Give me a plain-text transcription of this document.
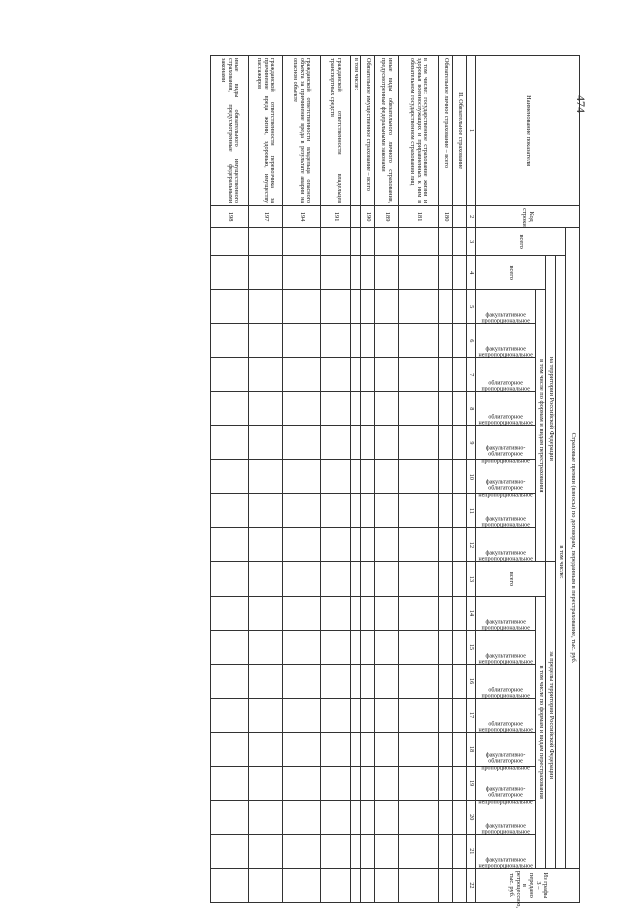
474
Наименование показателя	Код строки	Страховые премии (взносы) по договорам, переданным в перестрахование, тыс. руб.																			Из графы 3 – передано в ретроцессию, тыс. руб.
		всего	в том числе:																		
			на территории Российской Федерации									за пределы территории Российской Федерации									
			всего	в том числе по формам и видам перестрахования								всего	в том числе по формам и видам перестрахования								

				факультативное пропорциональное	факультативное непропорциональное	облигаторное пропорциональное	облигаторное непропорциональное	факультативно-облигаторное пропорциональное	факультативно-облигаторное непропорциональное	факультативное пропорциональное	факультативное непропорциональное		факультативное пропорциональное	факультативное непропорциональное	облигаторное пропорциональное	облигаторное непропорциональное	факультативно-облигаторное пропорциональное	факультативно-облигаторное непропорциональное	факультативное пропорциональное	факультативное непропорциональное	

1	2	3	4	5	6	7	8	9	10	11	12	13	14	15	16	17	18	19	20	21	22
II. Обязательное страхование																					
Обязательное личное страхование – всего	180																				
в том числе: государственное страхование жизни и здоровья военнослужащих и приравненных к ним в обязательном государственном страховании лиц	181																				
иные виды обязательного личного страхования, предусмотренные федеральными законами	189																				
Обязательное имущественное страхование – всего	190																				
в том числе:																					
гражданской ответственности владельцев транспортных средств	191																				
гражданской ответственности владельца опасного объекта за причинение вреда в результате аварии на опасном объекте	194																				
гражданской ответственности перевозчика за причинение вреда жизни, здоровью, имуществу пассажиров	197																				
иные виды обязательного имущественного страхования, предусмотренные федеральными законами	198																				
